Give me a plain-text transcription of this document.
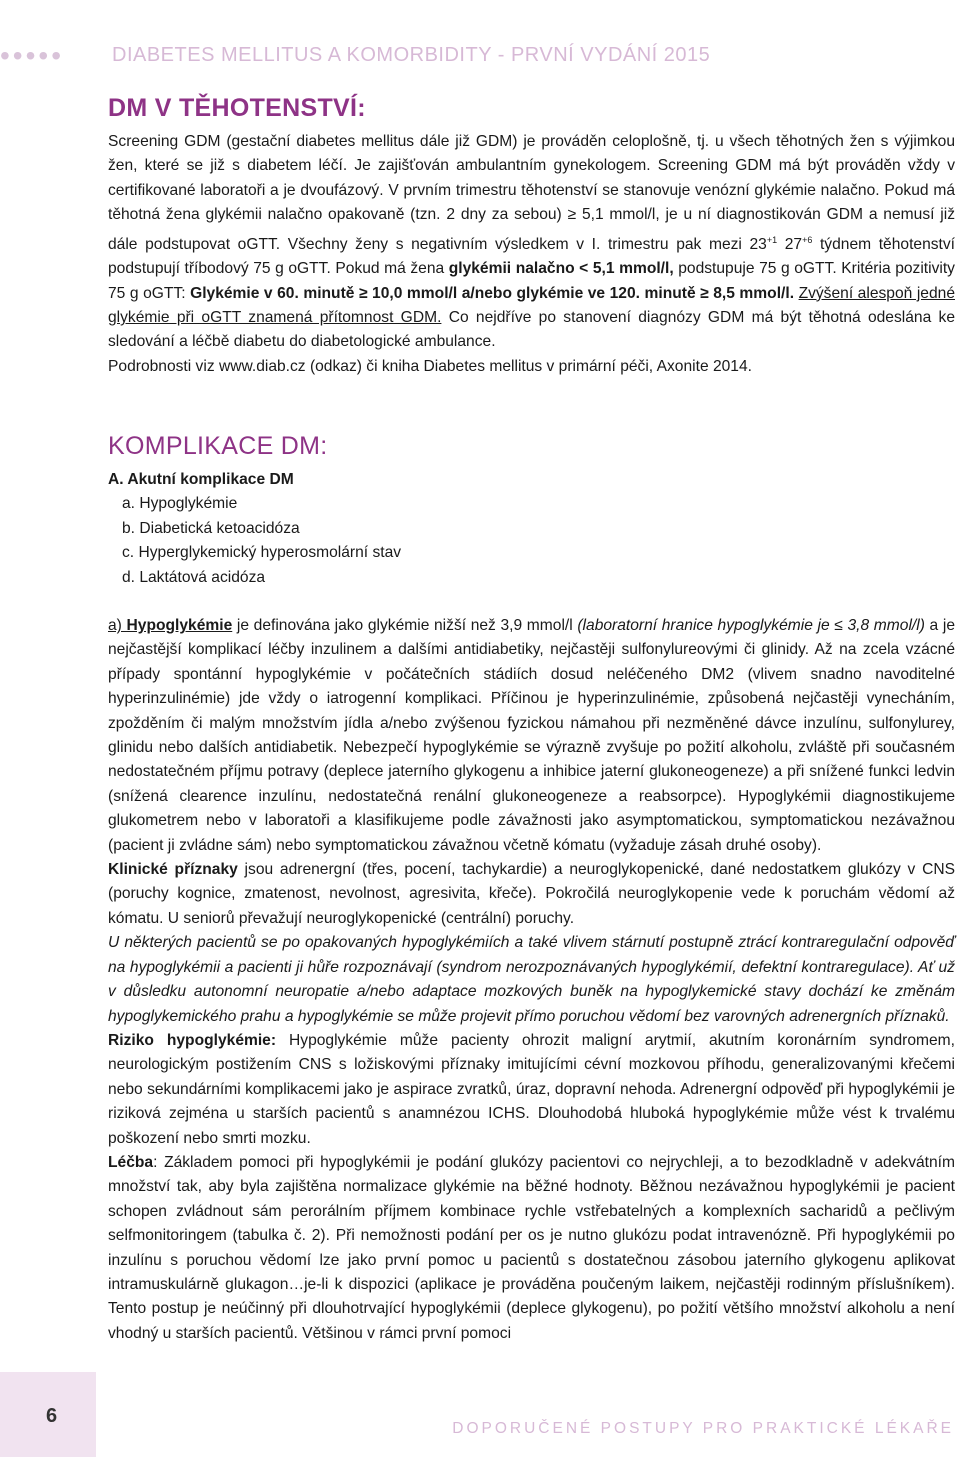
••••• DIABETES MELLITUS A KOMORBIDITY - PRVNÍ VYDÁNÍ 2015
DM V TĚHOTENSTVÍ:

Screening GDM (gestační diabetes mellitus dále již GDM) je prováděn celoplošně, tj. u všech těhotných žen s výjimkou žen, které se již s diabetem léčí. Je zajišťován ambulantním gynekologem. Screening GDM má být prováděn vždy v certifikované laboratoři a je dvoufázový. V prvním trimestru těhotenství se stanovuje venózní glykémie nalačno. Pokud má těhotná žena glykémii nalačno opakovaně (tzn. 2 dny za sebou) ≥ 5,1 mmol/l, je u ní diagnostikován GDM a nemusí již dále podstupovat oGTT. Všechny ženy s negativním výsledkem v I. trimestru pak mezi $23^{+1}$ $27^{+6}$ týdnem těhotenství podstupují tříbodový 75 g oGTT. Pokud má žena glykémii nalačno < 5,1 mmol/l, podstupuje 75 g oGTT. Kritéria pozitivity 75 g oGTT: Glykémie v 60. minutě ≥ 10,0 mmol/l a/nebo glykémie ve 120. minutě ≥ 8,5 mmol/l. Zvýšení alespoň jedné glykémie při oGTT znamená přítomnost GDM. Co nejdříve po stanovení diagnózy GDM má být těhotná odeslána ke sledování a léčbě diabetu do diabetologické ambulance.

Podrobnosti viz www.diab.cz (odkaz) či kniha Diabetes mellitus v primární péči, Axonite 2014.

KOMPLIKACE DM:
A. Akutní komplikace DM
a. Hypoglykémie
b. Diabetická ketoacidóza
c. Hyperglykemický hyperosmolární stav
d. Laktátová acidóza

a) Hypoglykémie je definována jako glykémie nižší než 3,9 mmol/l (laboratorní hranice hypoglykémie je ≤ 3,8 mmol/l) a je nejčastější komplikací léčby inzulinem a dalšími antidiabetiky, nejčastěji sulfonylureovými či glinidy. Až na zcela vzácné případy spontánní hypoglykémie v počátečních stádiích dosud neléčeného DM2 (vlivem snadno navoditelné hyperinzulinémie) jde vždy o iatrogenní komplikaci. Příčinou je hyperinzulinémie, způsobená nejčastěji vynecháním, zpožděním či malým množstvím jídla a/nebo zvýšenou fyzickou námahou při nezměněné dávce inzulínu, sulfonylurey, glinidu nebo dalších antidiabetik. Nebezpečí hypoglykémie se výrazně zvyšuje po požití alkoholu, zvláště při současném nedostatečném příjmu potravy (deplece jaterního glykogenu a inhibice jaterní glukoneogeneze) a při snížené funkci ledvin (snížená clearence inzulínu, nedostatečná renální glukoneogeneze a reabsorpce). Hypoglykémii diagnostikujeme glukometrem nebo v laboratoři a klasifikujeme podle závažnosti jako asymptomatickou, symptomatickou nezávažnou (pacient ji zvládne sám) nebo symptomatickou závažnou včetně kómatu (vyžaduje zásah druhé osoby).

Klinické příznaky jsou adrenergní (třes, pocení, tachykardie) a neuroglykopenické, dané nedostatkem glukózy v CNS (poruchy kognice, zmatenost, nevolnost, agresivita, křeče). Pokročilá neuroglykopenie vede k poruchám vědomí až kómatu. U seniorů převažují neuroglykopenické (centrální) poruchy.

U některých pacientů se po opakovaných hypoglykémiích a také vlivem stárnutí postupně ztrácí kontraregulační odpověď na hypoglykémii a pacienti ji hůře rozpoznávají (syndrom nerozpoznávaných hypoglykémií, defektní kontraregulace). Ať už v důsledku autonomní neuropatie a/nebo adaptace mozkových buněk na hypoglykemické stavy dochází ke změnám hypoglykemického prahu a hypoglykémie se může projevit přímo poruchou vědomí bez varovných adrenergních příznaků.

Riziko hypoglykémie: Hypoglykémie může pacienty ohrozit maligní arytmií, akutním koronárním syndromem, neurologickým postižením CNS s ložiskovými příznaky imitujícími cévní mozkovou příhodu, generalizovanými křečemi nebo sekundárními komplikacemi jako je aspirace zvratků, úraz, dopravní nehoda. Adrenergní odpověď při hypoglykémii je riziková zejména u starších pacientů s anamnézou ICHS. Dlouhodobá hluboká hypoglykémie může vést k trvalému poškození nebo smrti mozku.

Léčba: Základem pomoci při hypoglykémii je podání glukózy pacientovi co nejrychleji, a to bezodkladně v adekvátním množství tak, aby byla zajištěna normalizace glykémie na běžné hodnoty. Běžnou nezávažnou hypoglykémii je pacient schopen zvládnout sám perorálním příjmem kombinace rychle vstřebatelných a komplexních sacharidů a pečlivým selfmonitoringem (tabulka č. 2). Při nemožnosti podání per os je nutno glukózu podat intravenózně. Při hypoglykémii po inzulínu s poruchou vědomí lze jako první pomoc u pacientů s dostatečnou zásobou jaterního glykogenu aplikovat intramuskulárně glukagon…je-li k dispozici (aplikace je prováděna poučeným laikem, nejčastěji rodinným příslušníkem). Tento postup je neúčinný při dlouhotrvající hypoglykémii (deplece glykogenu), po požití většího množství alkoholu a není vhodný u starších pacientů. Většinou v rámci první pomoci

6
DOPORUČENÉ POSTUPY PRO PRAKTICKÉ LÉKAŘE
